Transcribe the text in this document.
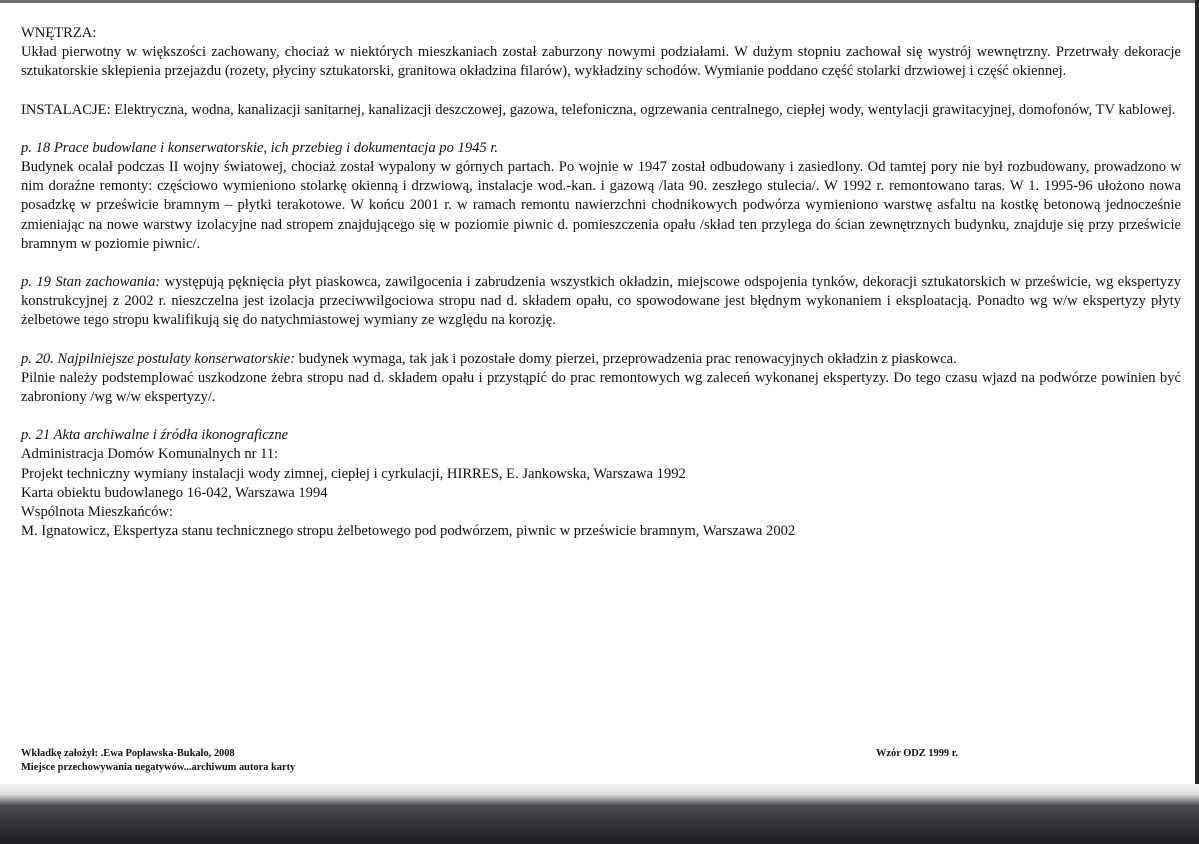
WNĘTRZA:

Układ pierwotny w większości zachowany, chociaż w niektórych mieszkaniach został zaburzony nowymi podziałami. W dużym stopniu zachował się wystrój wewnętrzny. Przetrwały dekoracje sztukatorskie sklepienia przejazdu (rozety, płyciny sztukatorski, granitowa okładzina filarów), wykładziny schodów. Wymianie poddano część stolarki drzwiowej i część okiennej.

INSTALACJE: Elektryczna, wodna, kanalizacji sanitarnej, kanalizacji deszczowej, gazowa, telefoniczna, ogrzewania centralnego, ciepłej wody, wentylacji grawitacyjnej, domofonów, TV kablowej.

p. 18 Prace budowlane i konserwatorskie, ich przebieg i dokumentacja po 1945 r.

Budynek ocalał podczas II wojny światowej, chociaż został wypalony w górnych partach. Po wojnie w 1947 został odbudowany i zasiedlony. Od tamtej pory nie był rozbudowany, prowadzono w nim doraźne remonty: częściowo wymieniono stolarkę okienną i drzwiową, instalacje wod.-kan. i gazową /lata 90. zeszłego stulecia/. W 1992 r. remontowano taras. W 1. 1995-96 ułożono nowa posadzkę w prześwicie bramnym – płytki terakotowe. W końcu 2001 r. w ramach remontu nawierzchni chodnikowych podwórza wymieniono warstwę asfaltu na kostkę betonową jednocześnie zmieniając na nowe warstwy izolacyjne nad stropem znajdującego się w poziomie piwnic d. pomieszczenia opału /skład ten przylega do ścian zewnętrznych budynku, znajduje się przy prześwicie bramnym w poziomie piwnic/.

p. 19 Stan zachowania: występują pęknięcia płyt piaskowca, zawilgocenia i zabrudzenia wszystkich okładzin, miejscowe odspojenia tynków, dekoracji sztukatorskich w prześwicie, wg ekspertyzy konstrukcyjnej z 2002 r. nieszczelna jest izolacja przeciwwilgociowa stropu nad d. składem opału, co spowodowane jest błędnym wykonaniem i eksploatacją. Ponadto wg w/w ekspertyzy płyty żelbetowe tego stropu kwalifikują się do natychmiastowej wymiany ze względu na korozję.

p. 20. Najpilniejsze postulaty konserwatorskie: budynek wymaga, tak jak i pozostałe domy pierzei, przeprowadzenia prac renowacyjnych okładzin z piaskowca.

Pilnie należy podstemplować uszkodzone żebra stropu nad d. składem opału i przystąpić do prac remontowych wg zaleceń wykonanej ekspertyzy. Do tego czasu wjazd na podwórze powinien być zabroniony /wg w/w ekspertyzy/.

p. 21 Akta archiwalne i źródła ikonograficzne

Administracja Domów Komunalnych nr 11:

Projekt techniczny wymiany instalacji wody zimnej, ciepłej i cyrkulacji, HIRRES, E. Jankowska, Warszawa 1992

Karta obiektu budowlanego 16-042, Warszawa 1994

Wspólnota Mieszkańców:

M. Ignatowicz, Ekspertyza stanu technicznego stropu żelbetowego pod podwórzem, piwnic w prześwicie bramnym, Warszawa 2002

Wkładkę założył: .Ewa Popławska-Bukało, 2008
Miejsce przechowywania negatywów...archiwum autora karty
Wzór ODZ 1999 r.
